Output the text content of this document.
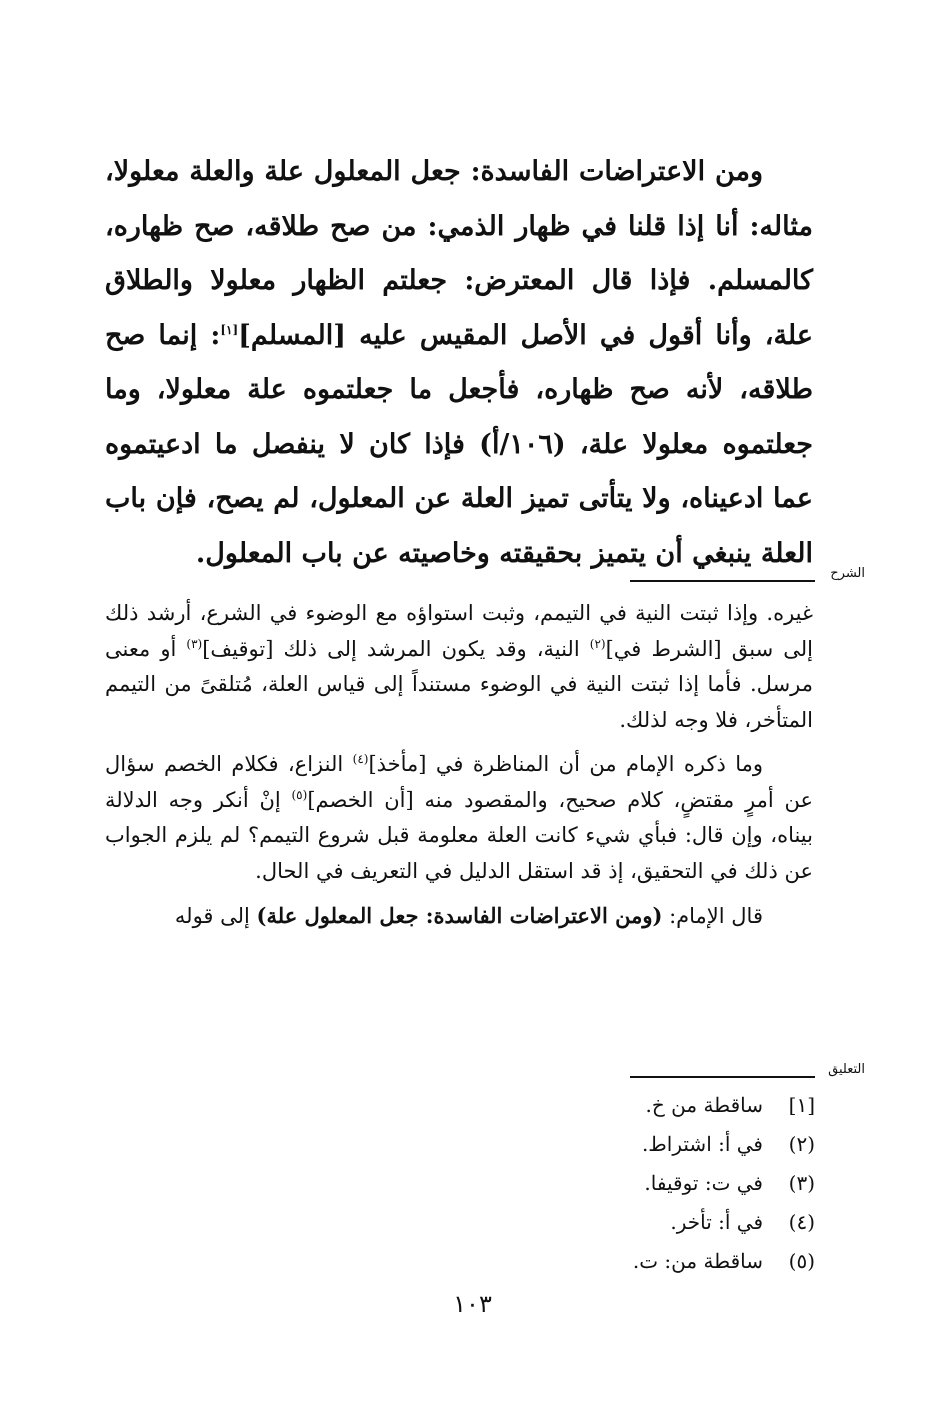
ومن الاعتراضات الفاسدة: جعل المعلول علة والعلة معلولا، مثاله: أنا إذا قلنا في ظهار الذمي: من صح طلاقه، صح ظهاره، كالمسلم. فإذا قال المعترض: جعلتم الظهار معلولا والطلاق علة، وأنا أقول في الأصل المقيس عليه [المسلم][١]: إنما صح طلاقه، لأنه صح ظهاره، فأجعل ما جعلتموه علة معلولا، وما جعلتموه معلولا علة، (١٠٦/أ) فإذا كان لا ينفصل ما ادعيتموه عما ادعيناه، ولا يتأتى تميز العلة عن المعلول، لم يصح، فإن باب العلة ينبغي أن يتميز بحقيقته وخاصيته عن باب المعلول.

الشرح

غيره. وإذا ثبتت النية في التيمم، وثبت استواؤه مع الوضوء في الشرع، أرشد ذلك إلى سبق [الشرط في]$^{(٢)}$ النية، وقد يكون المرشد إلى ذلك [توقيف]$^{(٣)}$ أو معنى مرسل. فأما إذا ثبتت النية في الوضوء مستنداً إلى قياس العلة، مُتلقىً من التيمم المتأخر، فلا وجه لذلك.

وما ذكره الإمام من أن المناظرة في [مأخذ]$^{(٤)}$ النزاع، فكلام الخصم سؤال عن أمرٍ مقتضٍ، كلام صحيح، والمقصود منه [أن الخصم]$^{(٥)}$ إنْ أنكر وجه الدلالة بيناه، وإن قال: فبأي شيء كانت العلة معلومة قبل شروع التيمم؟ لم يلزم الجواب عن ذلك في التحقيق، إذ قد استقل الدليل في التعريف في الحال.

قال الإمام: (ومن الاعتراضات الفاسدة: جعل المعلول علة) إلى قوله

التعليق
[١]
ساقطة من خ.
(٢)
في أ: اشتراط.
(٣)
في ت: توقيفا.
(٤)
في أ: تأخر.
(٥)
ساقطة من: ت.
١٠٣
